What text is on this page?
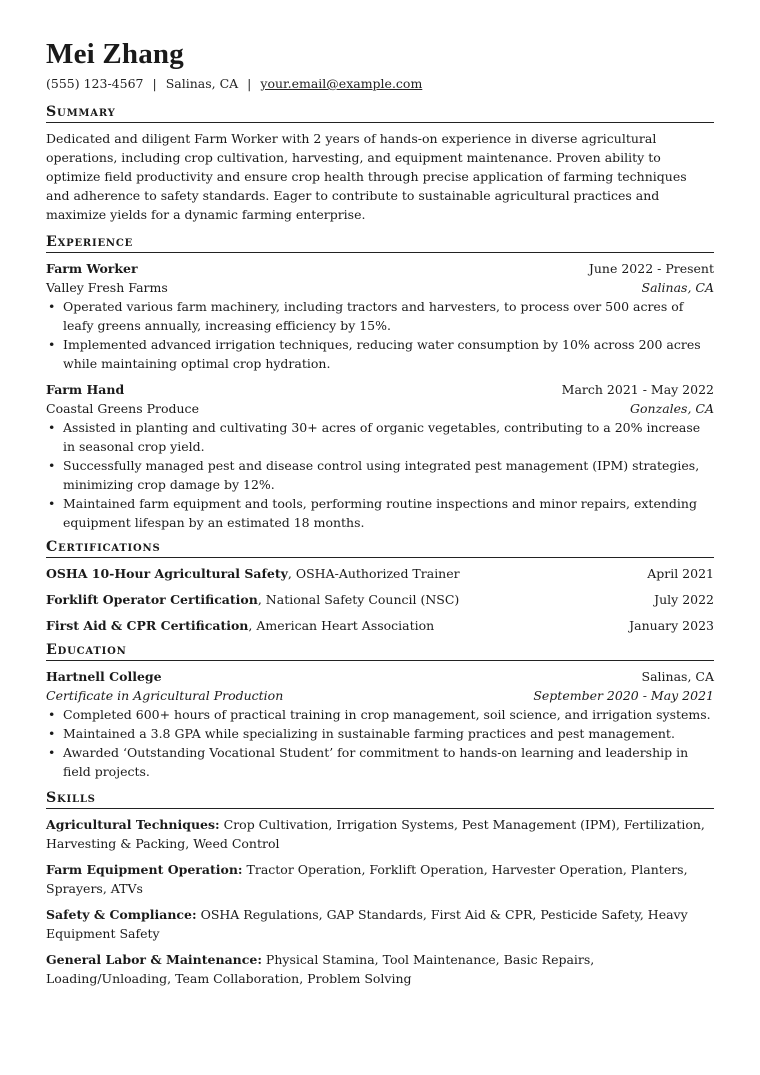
Mei Zhang
(555) 123-4567 | Salinas, CA | your.email@example.com
Summary
Dedicated and diligent Farm Worker with 2 years of hands-on experience in diverse agricultural operations, including crop cultivation, harvesting, and equipment maintenance. Proven ability to optimize field productivity and ensure crop health through precise application of farming techniques and adherence to safety standards. Eager to contribute to sustainable agricultural practices and maximize yields for a dynamic farming enterprise.
Experience
Farm Worker	June 2022 - Present
Valley Fresh Farms	Salinas, CA
• Operated various farm machinery, including tractors and harvesters, to process over 500 acres of leafy greens annually, increasing efficiency by 15%.
• Implemented advanced irrigation techniques, reducing water consumption by 10% across 200 acres while maintaining optimal crop hydration.
Farm Hand	March 2021 - May 2022
Coastal Greens Produce	Gonzales, CA
• Assisted in planting and cultivating 30+ acres of organic vegetables, contributing to a 20% increase in seasonal crop yield.
• Successfully managed pest and disease control using integrated pest management (IPM) strategies, minimizing crop damage by 12%.
• Maintained farm equipment and tools, performing routine inspections and minor repairs, extending equipment lifespan by an estimated 18 months.
Certifications
OSHA 10-Hour Agricultural Safety, OSHA-Authorized Trainer	April 2021
Forklift Operator Certification, National Safety Council (NSC)	July 2022
First Aid & CPR Certification, American Heart Association	January 2023
Education
Hartnell College	Salinas, CA
Certificate in Agricultural Production	September 2020 - May 2021
• Completed 600+ hours of practical training in crop management, soil science, and irrigation systems.
• Maintained a 3.8 GPA while specializing in sustainable farming practices and pest management.
• Awarded ‘Outstanding Vocational Student’ for commitment to hands-on learning and leadership in field projects.
Skills
Agricultural Techniques: Crop Cultivation, Irrigation Systems, Pest Management (IPM), Fertilization, Harvesting & Packing, Weed Control
Farm Equipment Operation: Tractor Operation, Forklift Operation, Harvester Operation, Planters, Sprayers, ATVs
Safety & Compliance: OSHA Regulations, GAP Standards, First Aid & CPR, Pesticide Safety, Heavy Equipment Safety
General Labor & Maintenance: Physical Stamina, Tool Maintenance, Basic Repairs, Loading/Unloading, Team Collaboration, Problem Solving
